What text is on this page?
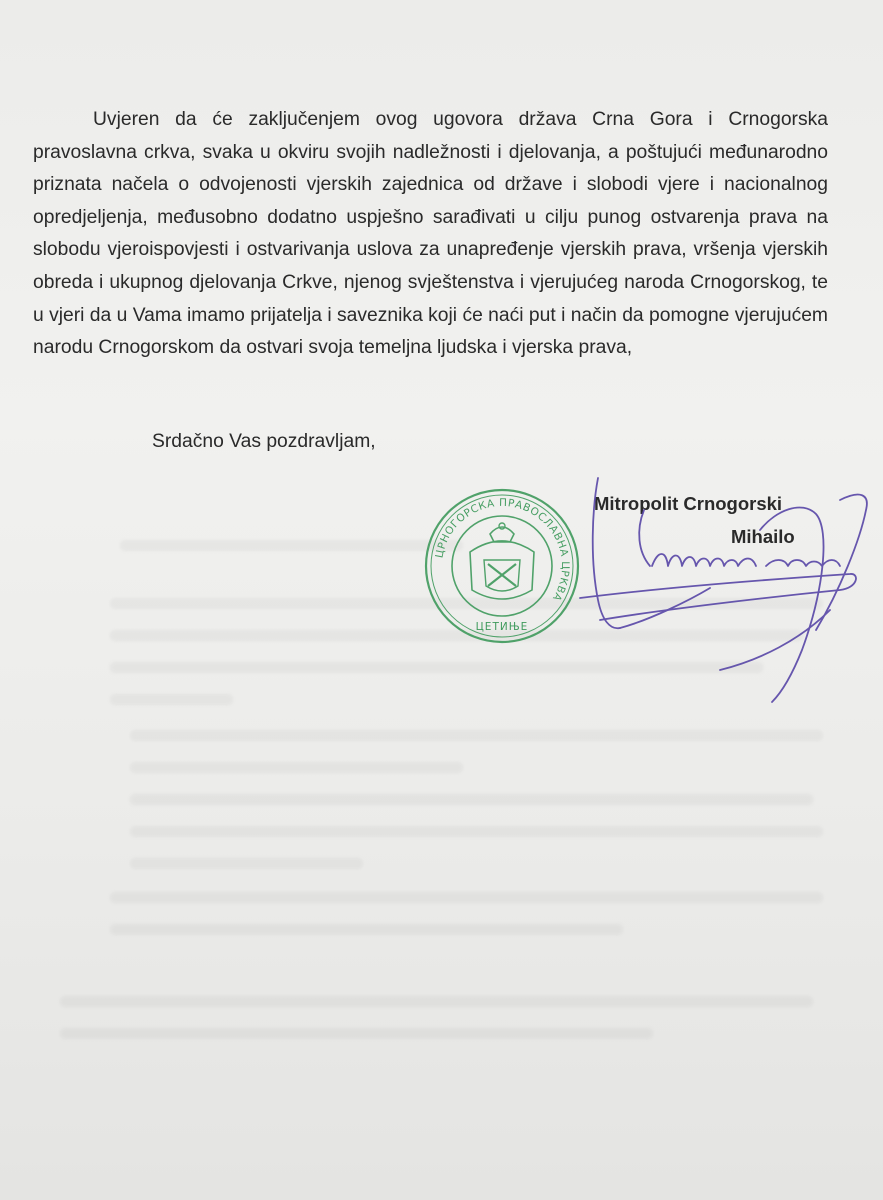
Uvjeren da će zaključenjem ovog ugovora država Crna Gora i Crnogorska pravoslavna crkva, svaka u okviru svojih nadležnosti i djelovanja, a poštujući međunarodno priznata načela o odvojenosti vjerskih zajednica od države i slobodi vjere i nacionalnog opredjeljenja, međusobno dodatno uspješno sarađivati u cilju punog ostvarenja prava na slobodu vjeroispovjesti i ostvarivanja uslova za unapređenje vjerskih prava, vršenja vjerskih obreda i ukupnog djelovanja Crkve, njenog svještenstva i vjerujućeg naroda Crnogorskog, te u vjeri da u Vama imamo prijatelja i saveznika koji će naći put i način da pomogne vjerujućem narodu Crnogorskom da ostvari svoja temeljna ljudska i vjerska prava,

Srdačno Vas pozdravljam,

ЦРНОГОРСКА ПРАВОСЛАВНА ЦРКВА
ЦЕТИЊЕ

Mitropolit Crnogorski

Mihailo
